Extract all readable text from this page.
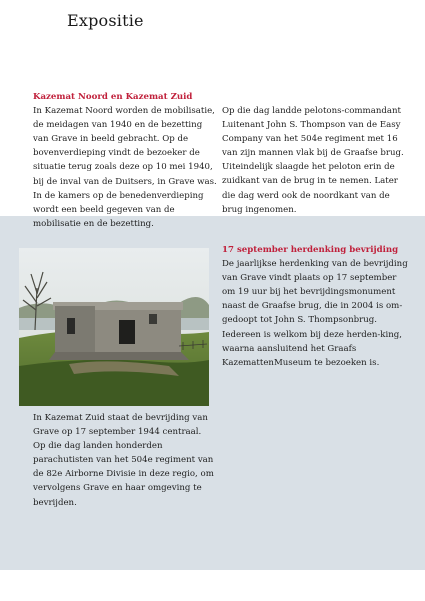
Expositie
Kazemat Noord en Kazemat Zuid

In Kazemat Noord worden de mobilisatie, de meidagen van 1940 en de bezetting van Grave in beeld gebracht. Op de bovenverdieping vindt de bezoeker de situatie terug zoals deze op 10 mei 1940, bij de inval van de Duitsers, in Grave was. In de kamers op de benedenverdieping wordt een beeld gegeven van de mobilisatie en de bezetting.

Op die dag landde pelotons-commandant Luitenant John S. Thompson van de Easy Company van het 504e regiment met 16 van zijn mannen vlak bij de Graafse brug. Uiteindelijk slaagde het peloton erin de zuidkant van de brug in te nemen. Later die dag werd ook de noordkant van de brug ingenomen.

17 september herdenking bevrijding

De jaarlijkse herdenking van de bevrijding van Grave vindt plaats op 17 september om 19 uur bij het bevrijdingsmonument naast de Graafse brug, die in 2004 is om-gedoopt tot John S. Thompsonbrug. Iedereen is welkom bij deze herden-king, waarna aansluitend het Graafs KazemattenMuseum te bezoeken is.

In Kazemat Zuid staat de bevrijding van Grave op 17 september 1944 centraal. Op die dag landen honderden parachutisten van het 504e regiment van de 82e Airborne Divisie in deze regio, om vervolgens Grave en haar omgeving te bevrijden.
